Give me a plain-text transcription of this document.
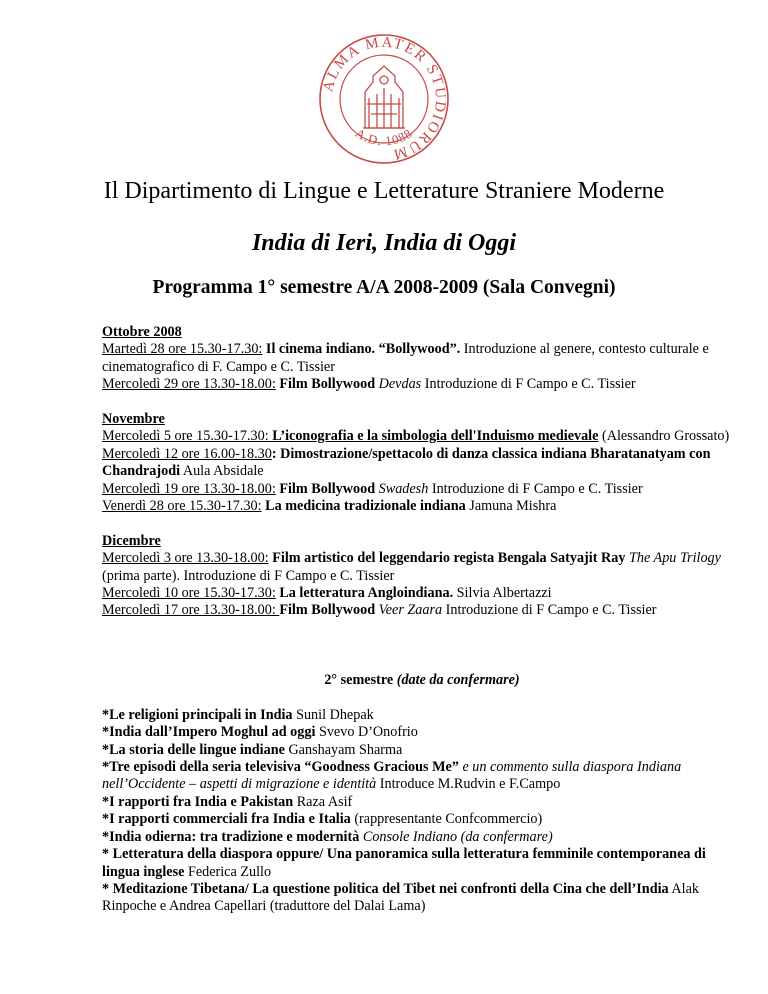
ALMA MATER STUDIORUM
A.D. 1088
Il Dipartimento di Lingue e Letterature Straniere Moderne
India di Ieri, India di Oggi
Programma 1° semestre A/A 2008-2009 (Sala Convegni)

Ottobre 2008

Martedì 28 ore 15.30-17.30: Il cinema indiano. “Bollywood”. Introduzione al genere, contesto culturale e cinematografico di F. Campo e C. Tissier

Mercoledì 29 ore 13.30-18.00: Film Bollywood Devdas Introduzione di F Campo e C. Tissier

Novembre

Mercoledì 5 ore 15.30-17.30: L’iconografia e la simbologia dell'Induismo medievale (Alessandro Grossato)

Mercoledì 12 ore 16.00-18.30: Dimostrazione/spettacolo di danza classica indiana Bharatanatyam con Chandrajodi Aula Absidale

Mercoledì 19 ore 13.30-18.00: Film Bollywood Swadesh Introduzione di F Campo e C. Tissier

Venerdì 28 ore 15.30-17.30: La medicina tradizionale indiana Jamuna Mishra

Dicembre

Mercoledì 3 ore 13.30-18.00: Film artistico del leggendario regista Bengala Satyajit Ray The Apu Trilogy (prima parte). Introduzione di F Campo e C. Tissier

Mercoledì 10 ore 15.30-17.30: La letteratura Angloindiana. Silvia Albertazzi

Mercoledì 17 ore 13.30-18.00: Film Bollywood Veer Zaara Introduzione di F Campo e C. Tissier

2° semestre (date da confermare)

*Le religioni principali in India Sunil Dhepak

*India dall’Impero Moghul ad oggi Svevo D’Onofrio

*La storia delle lingue indiane Ganshayam Sharma

*Tre episodi della seria televisiva “Goodness Gracious Me” e un commento sulla diaspora Indiana nell’Occidente – aspetti di migrazione e identità Introduce M.Rudvin e F.Campo

*I rapporti fra India e Pakistan Raza Asif

*I rapporti commerciali fra India e Italia (rappresentante Confcommercio)

*India odierna: tra tradizione e modernità Console Indiano (da confermare)

* Letteratura della diaspora oppure/ Una panoramica sulla letteratura femminile contemporanea di lingua inglese Federica Zullo

* Meditazione Tibetana/ La questione politica del Tibet nei confronti della Cina che dell’India Alak Rinpoche e Andrea Capellari (traduttore del Dalai Lama)
